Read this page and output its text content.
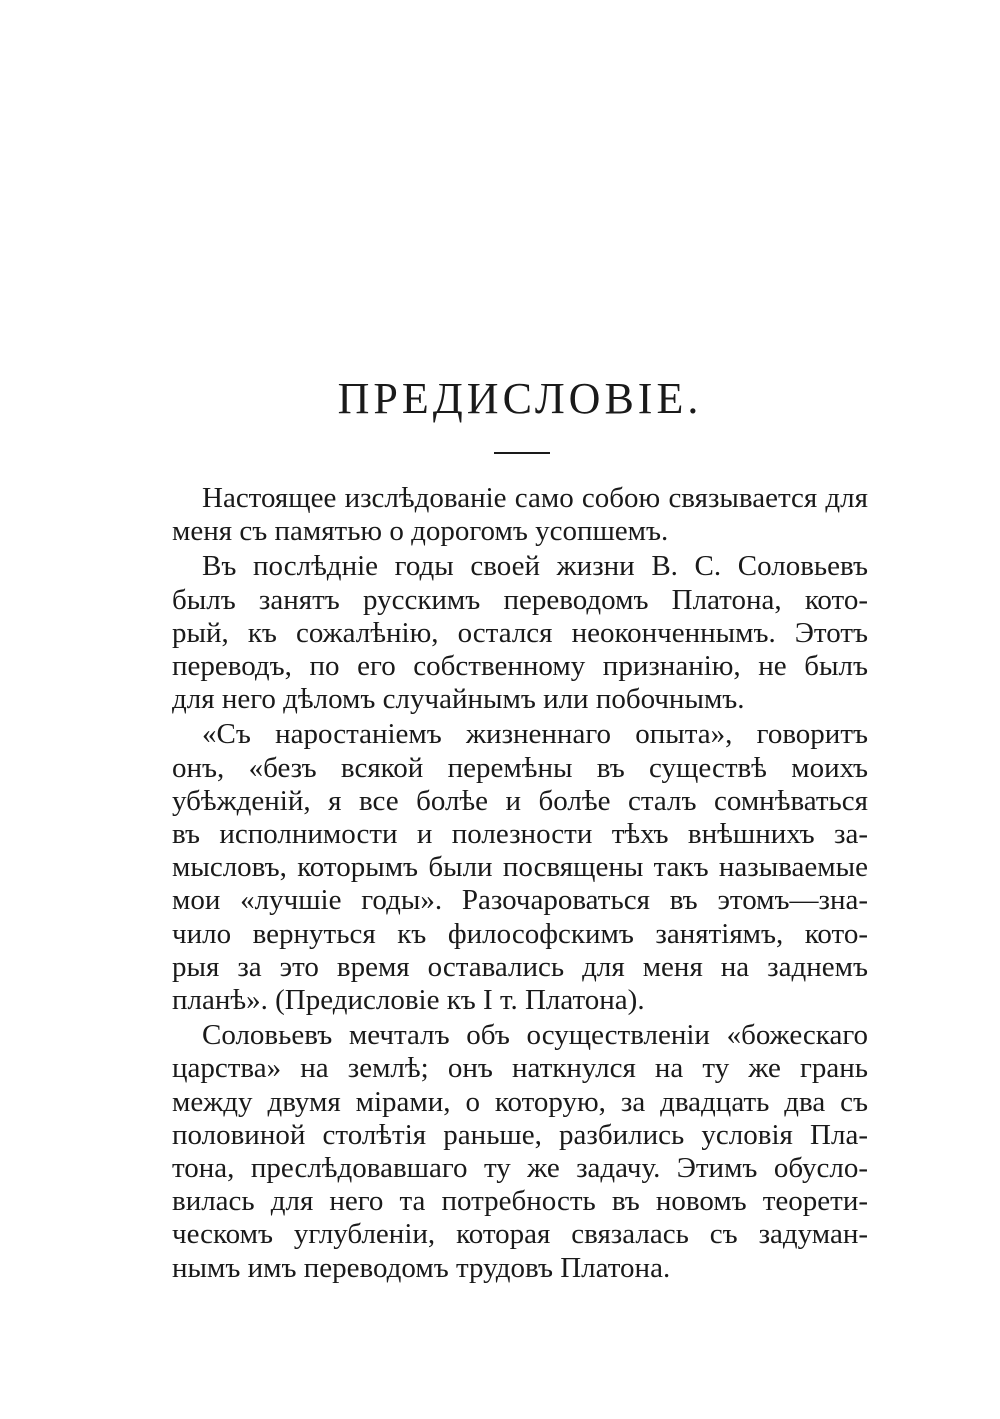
ПРЕДИСЛОВІЕ.

Настоящее изслѣдованіе само собою связывается для
меня съ памятью о дорогомъ усопшемъ.

Въ послѣдніе годы своей жизни В. С. Соловьевъ
былъ занятъ русскимъ переводомъ Платона, кото-
рый, къ сожалѣнію, остался неоконченнымъ. Этотъ
переводъ, по его собственному признанію, не былъ
для него дѣломъ случайнымъ или побочнымъ.

«Съ наростаніемъ жизненнаго опыта», говоритъ
онъ, «безъ всякой перемѣны въ существѣ моихъ
убѣжденій, я все болѣе и болѣе сталъ сомнѣваться
въ исполнимости и полезности тѣхъ внѣшнихъ за-
мысловъ, которымъ были посвящены такъ называемые
мои «лучшіе годы». Разочароваться въ этомъ—зна-
чило вернуться къ философскимъ занятіямъ, кото-
рыя за это время оставались для меня на заднемъ
планѣ». (Предисловіе къ I т. Платона).

Соловьевъ мечталъ объ осуществленіи «божескаго
царства» на землѣ; онъ наткнулся на ту же грань
между двумя мірами, о которую, за двадцать два съ
половиной столѣтія раньше, разбились условія Пла-
тона, преслѣдовавшаго ту же задачу. Этимъ обусло-
вилась для него та потребность въ новомъ теорети-
ческомъ углубленіи, которая связалась съ задуман-
нымъ имъ переводомъ трудовъ Платона.
